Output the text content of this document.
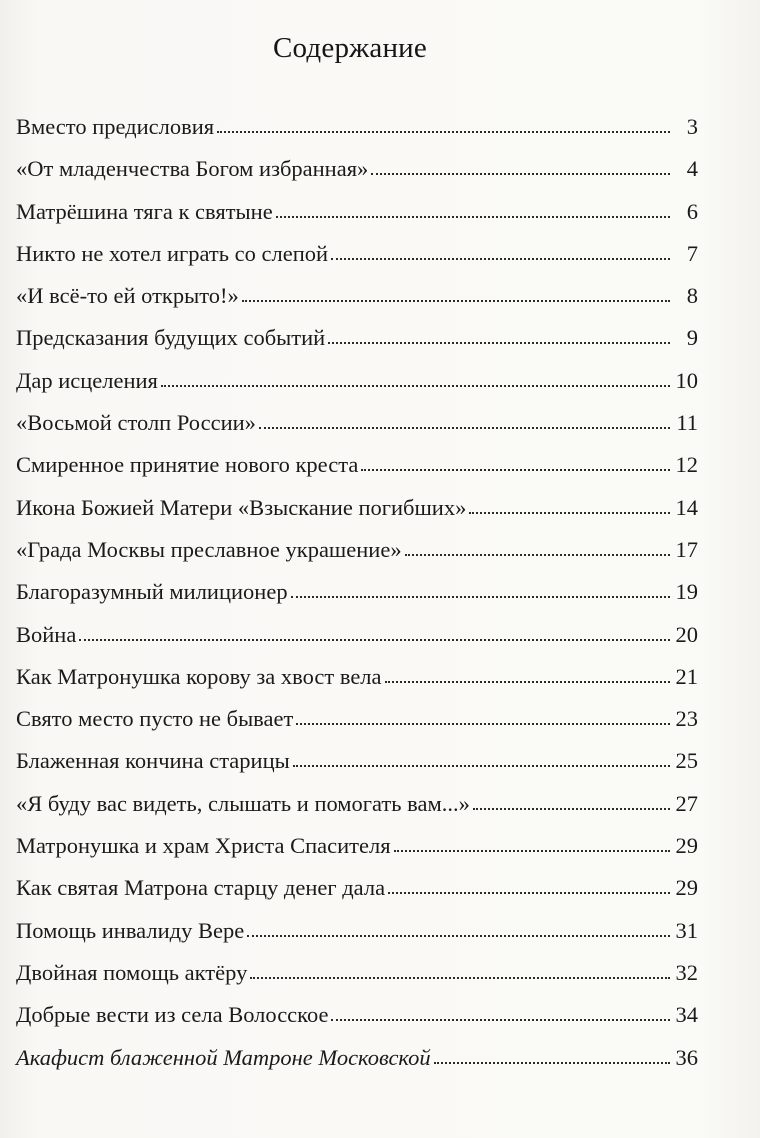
Содержание
Вместо предисловия	3
«От младенчества Богом избранная»	4
Матрёшина тяга к святыне	6
Никто не хотел играть со слепой	7
«И всё-то ей открыто!»	8
Предсказания будущих событий	9
Дар исцеления	10
«Восьмой столп России»	11
Смиренное принятие нового креста	12
Икона Божией Матери «Взыскание погибших»	14
«Града Москвы преславное украшение»	17
Благоразумный милиционер	19
Война	20
Как Матронушка корову за хвост вела	21
Свято место пусто не бывает	23
Блаженная кончина старицы	25
«Я буду вас видеть, слышать и помогать вам...»	27
Матронушка и храм Христа Спасителя	29
Как святая Матрона старцу денег дала	29
Помощь инвалиду Вере	31
Двойная помощь актёру	32
Добрые вести из села Волосское	34
Акафист блаженной Матроне Московской	36
